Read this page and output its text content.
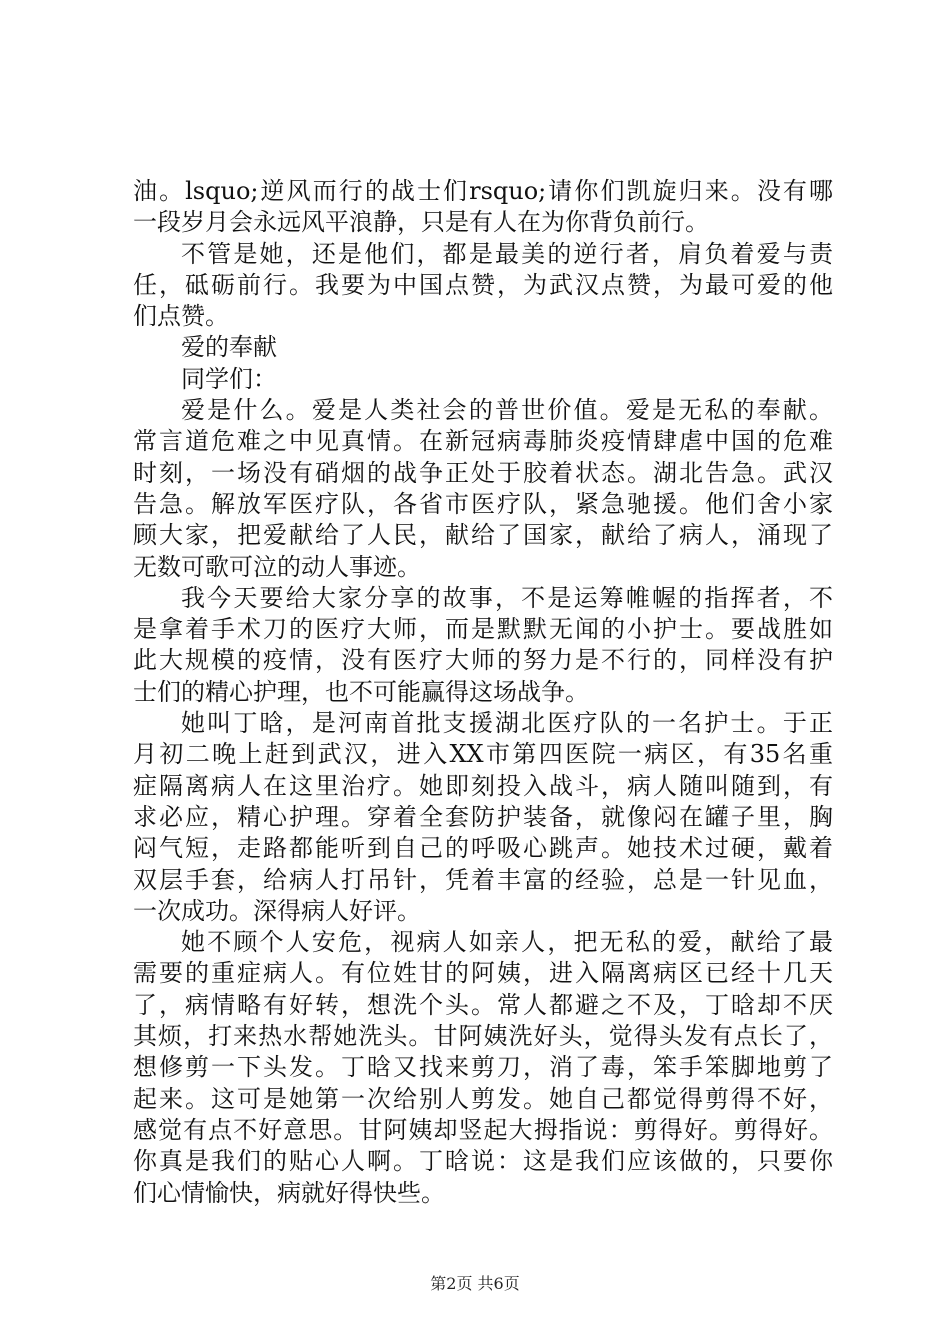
油。lsquo;逆风而行的战士们rsquo;请你们凯旋归来。没有哪
一段岁月会永远风平浪静，只是有人在为你背负前行。
不管是她，还是他们，都是最美的逆行者，肩负着爱与责
任，砥砺前行。我要为中国点赞，为武汉点赞，为最可爱的他
们点赞。
爱的奉献
同学们：
爱是什么。爱是人类社会的普世价值。爱是无私的奉献。
常言道危难之中见真情。在新冠病毒肺炎疫情肆虐中国的危难
时刻，一场没有硝烟的战争正处于胶着状态。湖北告急。武汉
告急。解放军医疗队，各省市医疗队，紧急驰援。他们舍小家
顾大家，把爱献给了人民，献给了国家，献给了病人，涌现了
无数可歌可泣的动人事迹。
我今天要给大家分享的故事，不是运筹帷幄的指挥者，不
是拿着手术刀的医疗大师，而是默默无闻的小护士。要战胜如
此大规模的疫情，没有医疗大师的努力是不行的，同样没有护
士们的精心护理，也不可能赢得这场战争。
她叫丁晗，是河南首批支援湖北医疗队的一名护士。于正
月初二晚上赶到武汉，进入XX市第四医院一病区，有35名重
症隔离病人在这里治疗。她即刻投入战斗，病人随叫随到，有
求必应，精心护理。穿着全套防护装备，就像闷在罐子里，胸
闷气短，走路都能听到自己的呼吸心跳声。她技术过硬，戴着
双层手套，给病人打吊针，凭着丰富的经验，总是一针见血，
一次成功。深得病人好评。
她不顾个人安危，视病人如亲人，把无私的爱，献给了最
需要的重症病人。有位姓甘的阿姨，进入隔离病区已经十几天
了，病情略有好转，想洗个头。常人都避之不及，丁晗却不厌
其烦，打来热水帮她洗头。甘阿姨洗好头，觉得头发有点长了，
想修剪一下头发。丁晗又找来剪刀，消了毒，笨手笨脚地剪了
起来。这可是她第一次给别人剪发。她自己都觉得剪得不好，
感觉有点不好意思。甘阿姨却竖起大拇指说：剪得好。剪得好。
你真是我们的贴心人啊。丁晗说：这是我们应该做的，只要你
们心情愉快，病就好得快些。
第2页 共6页
